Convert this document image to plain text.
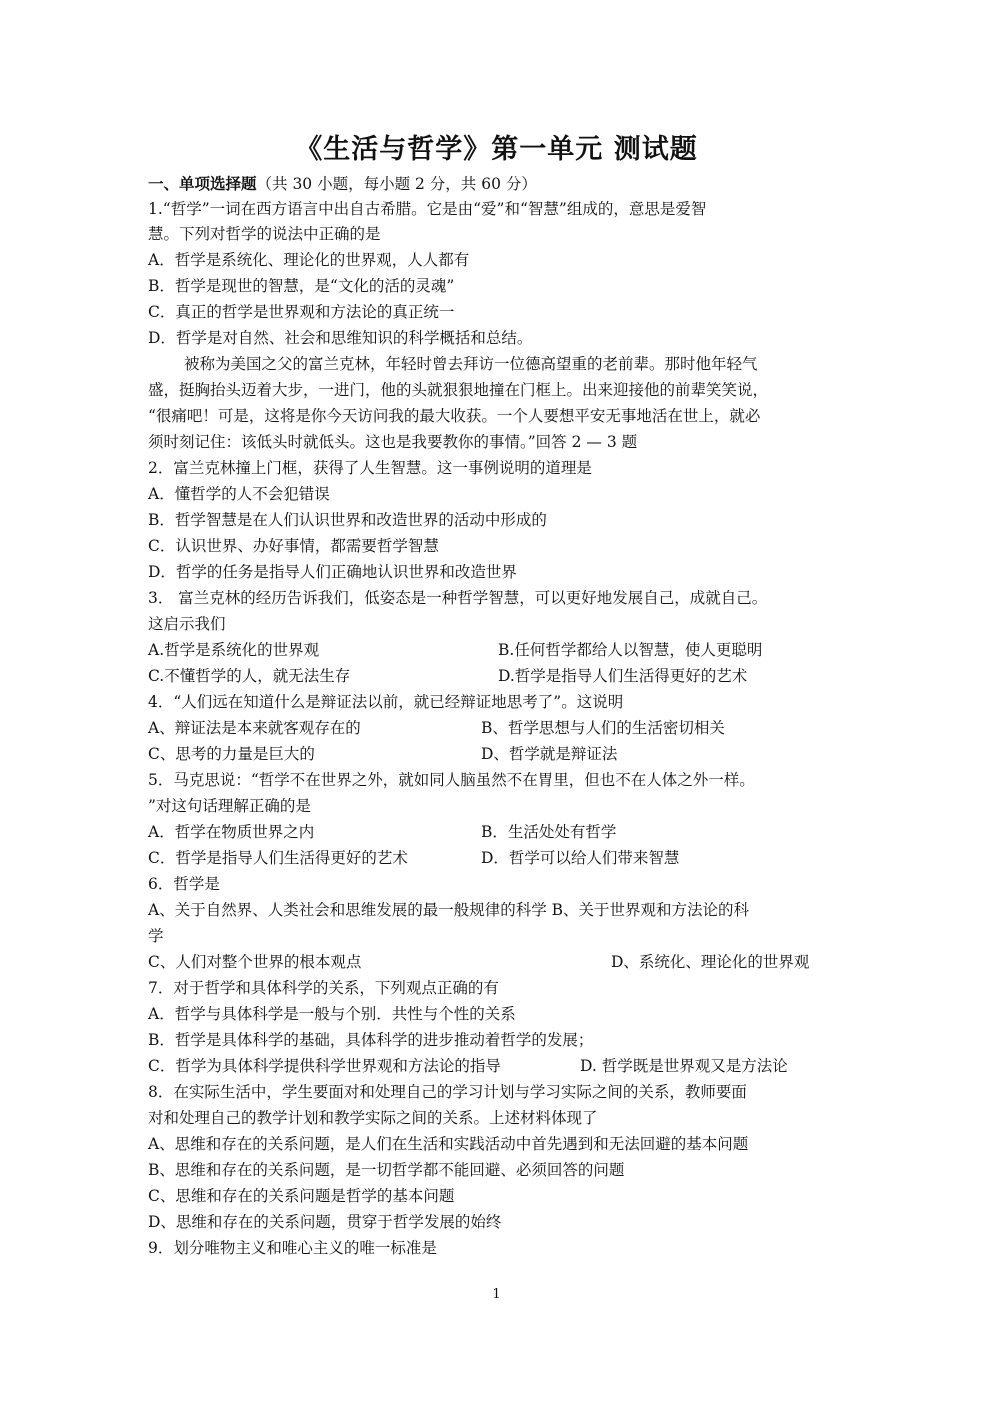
《生活与哲学》第一单元 测试题
一、单项选择题（共 30 小题，每小题 2 分，共 60 分）
1.“哲学”一词在西方语言中出自古希腊。它是由“爱”和“智慧”组成的，意思是爱智
慧。下列对哲学的说法中正确的是
A．哲学是系统化、理论化的世界观，人人都有
B．哲学是现世的智慧，是“文化的活的灵魂”
C．真正的哲学是世界观和方法论的真正统一
D．哲学是对自然、社会和思维知识的科学概括和总结。
被称为美国之父的富兰克林，年轻时曾去拜访一位德高望重的老前辈。那时他年轻气
盛，挺胸抬头迈着大步，一进门，他的头就狠狠地撞在门框上。出来迎接他的前辈笑笑说，
“很痛吧！可是，这将是你今天访问我的最大收获。一个人要想平安无事地活在世上，就必
须时刻记住：该低头时就低头。这也是我要教你的事情。”回答 2 — 3 题
2．富兰克林撞上门框，获得了人生智慧。这一事例说明的道理是
A．懂哲学的人不会犯错误
B．哲学智慧是在人们认识世界和改造世界的活动中形成的
C．认识世界、办好事情，都需要哲学智慧
D．哲学的任务是指导人们正确地认识世界和改造世界
3． 富兰克林的经历告诉我们，低姿态是一种哲学智慧，可以更好地发展自己，成就自己。
这启示我们
A.哲学是系统化的世界观	B.任何哲学都给人以智慧，使人更聪明
C.不懂哲学的人，就无法生存	D.哲学是指导人们生活得更好的艺术
4．“人们远在知道什么是辩证法以前，就已经辩证地思考了”。这说明
A、辩证法是本来就客观存在的	B、哲学思想与人们的生活密切相关
C、思考的力量是巨大的	D、哲学就是辩证法
5．马克思说：“哲学不在世界之外，就如同人脑虽然不在胃里，但也不在人体之外一样。
”对这句话理解正确的是
A．哲学在物质世界之内	B．生活处处有哲学
C．哲学是指导人们生活得更好的艺术	D．哲学可以给人们带来智慧
6．哲学是
A、关于自然界、人类社会和思维发展的最一般规律的科学 B、关于世界观和方法论的科
学
C、人们对整个世界的根本观点	D、系统化、理论化的世界观
7．对于哲学和具体科学的关系，下列观点正确的有
A．哲学与具体科学是一般与个别．共性与个性的关系
B．哲学是具体科学的基础，具体科学的进步推动着哲学的发展；
C．哲学为具体科学提供科学世界观和方法论的指导	D. 哲学既是世界观又是方法论
8．在实际生活中，学生要面对和处理自己的学习计划与学习实际之间的关系，教师要面
对和处理自己的教学计划和教学实际之间的关系。上述材料体现了
A、思维和存在的关系问题，是人们在生活和实践活动中首先遇到和无法回避的基本问题
B、思维和存在的关系问题，是一切哲学都不能回避、必须回答的问题
C、思维和存在的关系问题是哲学的基本问题
D、思维和存在的关系问题，贯穿于哲学发展的始终
9．划分唯物主义和唯心主义的唯一标准是
1
